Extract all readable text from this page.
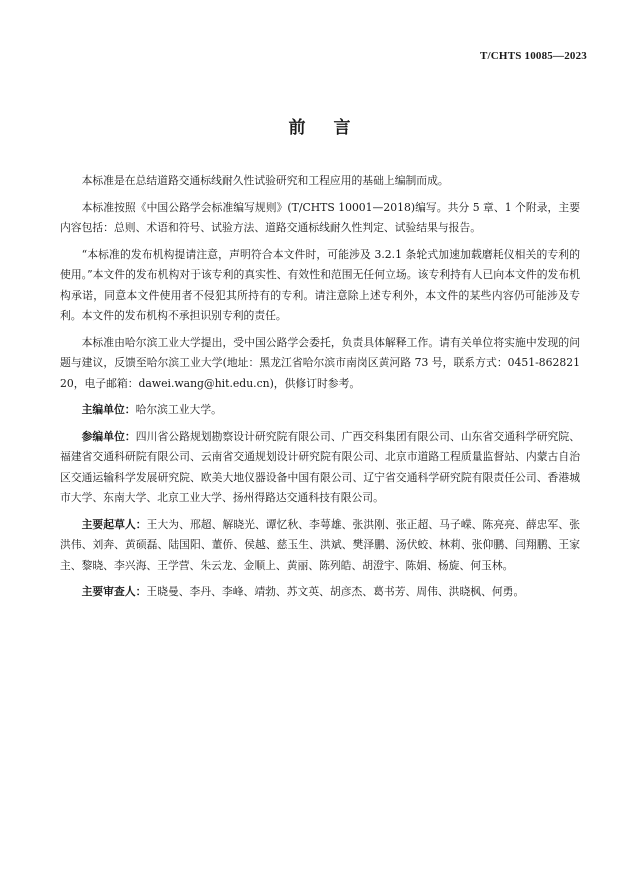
T/CHTS 10085—2023
前言

本标准是在总结道路交通标线耐久性试验研究和工程应用的基础上编制而成。

本标准按照《中国公路学会标准编写规则》(T/CHTS 10001—2018)编写。共分 5 章、1 个附录，主要内容包括：总则、术语和符号、试验方法、道路交通标线耐久性判定、试验结果与报告。

“本标准的发布机构提请注意，声明符合本文件时，可能涉及 3.2.1 条轮式加速加载磨耗仪相关的专利的使用。”本文件的发布机构对于该专利的真实性、有效性和范围无任何立场。该专利持有人已向本文件的发布机构承诺，同意本文件使用者不侵犯其所持有的专利。请注意除上述专利外，本文件的某些内容仍可能涉及专利。本文件的发布机构不承担识别专利的责任。

本标准由哈尔滨工业大学提出，受中国公路学会委托，负责具体解释工作。请有关单位将实施中发现的问题与建议，反馈至哈尔滨工业大学(地址：黑龙江省哈尔滨市南岗区黄河路 73 号，联系方式：0451-86282120，电子邮箱：dawei.wang@hit.edu.cn)，供修订时参考。

主编单位：哈尔滨工业大学。

参编单位：四川省公路规划勘察设计研究院有限公司、广西交科集团有限公司、山东省交通科学研究院、福建省交通科研院有限公司、云南省交通规划设计研究院有限公司、北京市道路工程质量监督站、内蒙古自治区交通运输科学发展研究院、欧美大地仪器设备中国有限公司、辽宁省交通科学研究院有限责任公司、香港城市大学、东南大学、北京工业大学、扬州得路达交通科技有限公司。

主要起草人：王大为、邢超、解晓光、谭忆秋、李萼雄、张洪刚、张正超、马子嵘、陈亮亮、薛忠军、张洪伟、刘奔、黄硕磊、陆国阳、董侨、侯越、慈玉生、洪斌、樊泽鹏、汤伏蛟、林莉、张仰鹏、闫翔鹏、王家主、黎晓、李兴海、王学营、朱云龙、金顺上、黄丽、陈列皓、胡澄宇、陈娟、杨旋、何玉林。

主要审查人：王晓曼、李丹、李峰、靖勃、苏文英、胡彦杰、葛书芳、周伟、洪晓枫、何勇。
